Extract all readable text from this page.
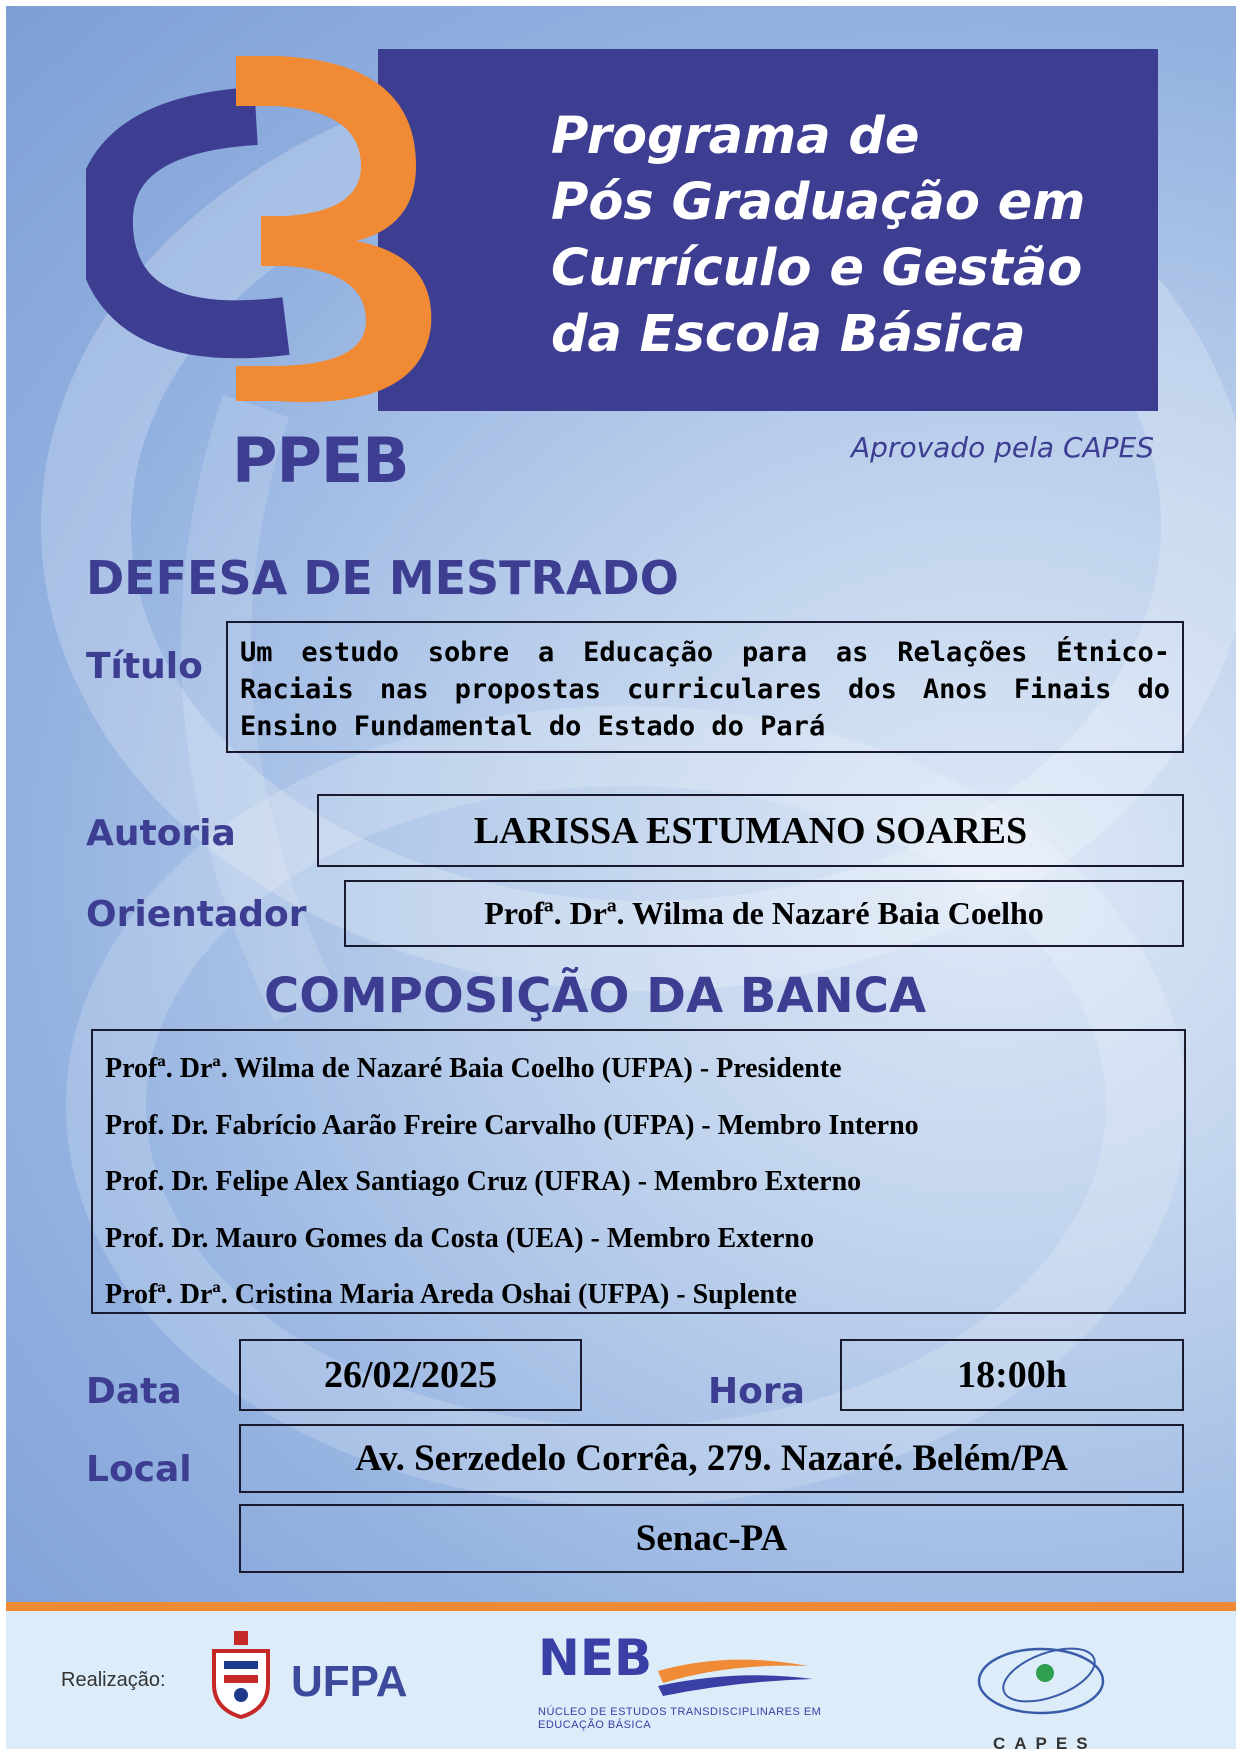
Programa de
Pós Graduação em
Currículo e Gestão
da Escola Básica

PPEB	Aprovado pela CAPES
DEFESA DE MESTRADO
Título	Um estudo sobre a Educação para as Relações Étnico-Raciais nas propostas curriculares dos Anos Finais do Ensino Fundamental do Estado do Pará
Autoria	LARISSA ESTUMANO SOARES
Orientador	Profª. Drª. Wilma de Nazaré Baia Coelho
COMPOSIÇÃO DA BANCA
Profª. Drª. Wilma de Nazaré Baia Coelho (UFPA) - Presidente
Prof. Dr. Fabrício Aarão Freire Carvalho (UFPA) - Membro Interno
Prof. Dr. Felipe Alex Santiago Cruz (UFRA) - Membro Externo
Prof. Dr. Mauro Gomes da Costa (UEA) - Membro Externo
Profª. Drª. Cristina Maria Areda Oshai (UFPA) - Suplente
Data	26/02/2025	Hora	18:00h
Local	Av. Serzedelo Corrêa, 279. Nazaré. Belém/PA
Senac-PA
Realização:	UFPA	NEB
NÚCLEO DE ESTUDOS TRANSDISCIPLINARES EM EDUCAÇÃO BÁSICA
CAPES
